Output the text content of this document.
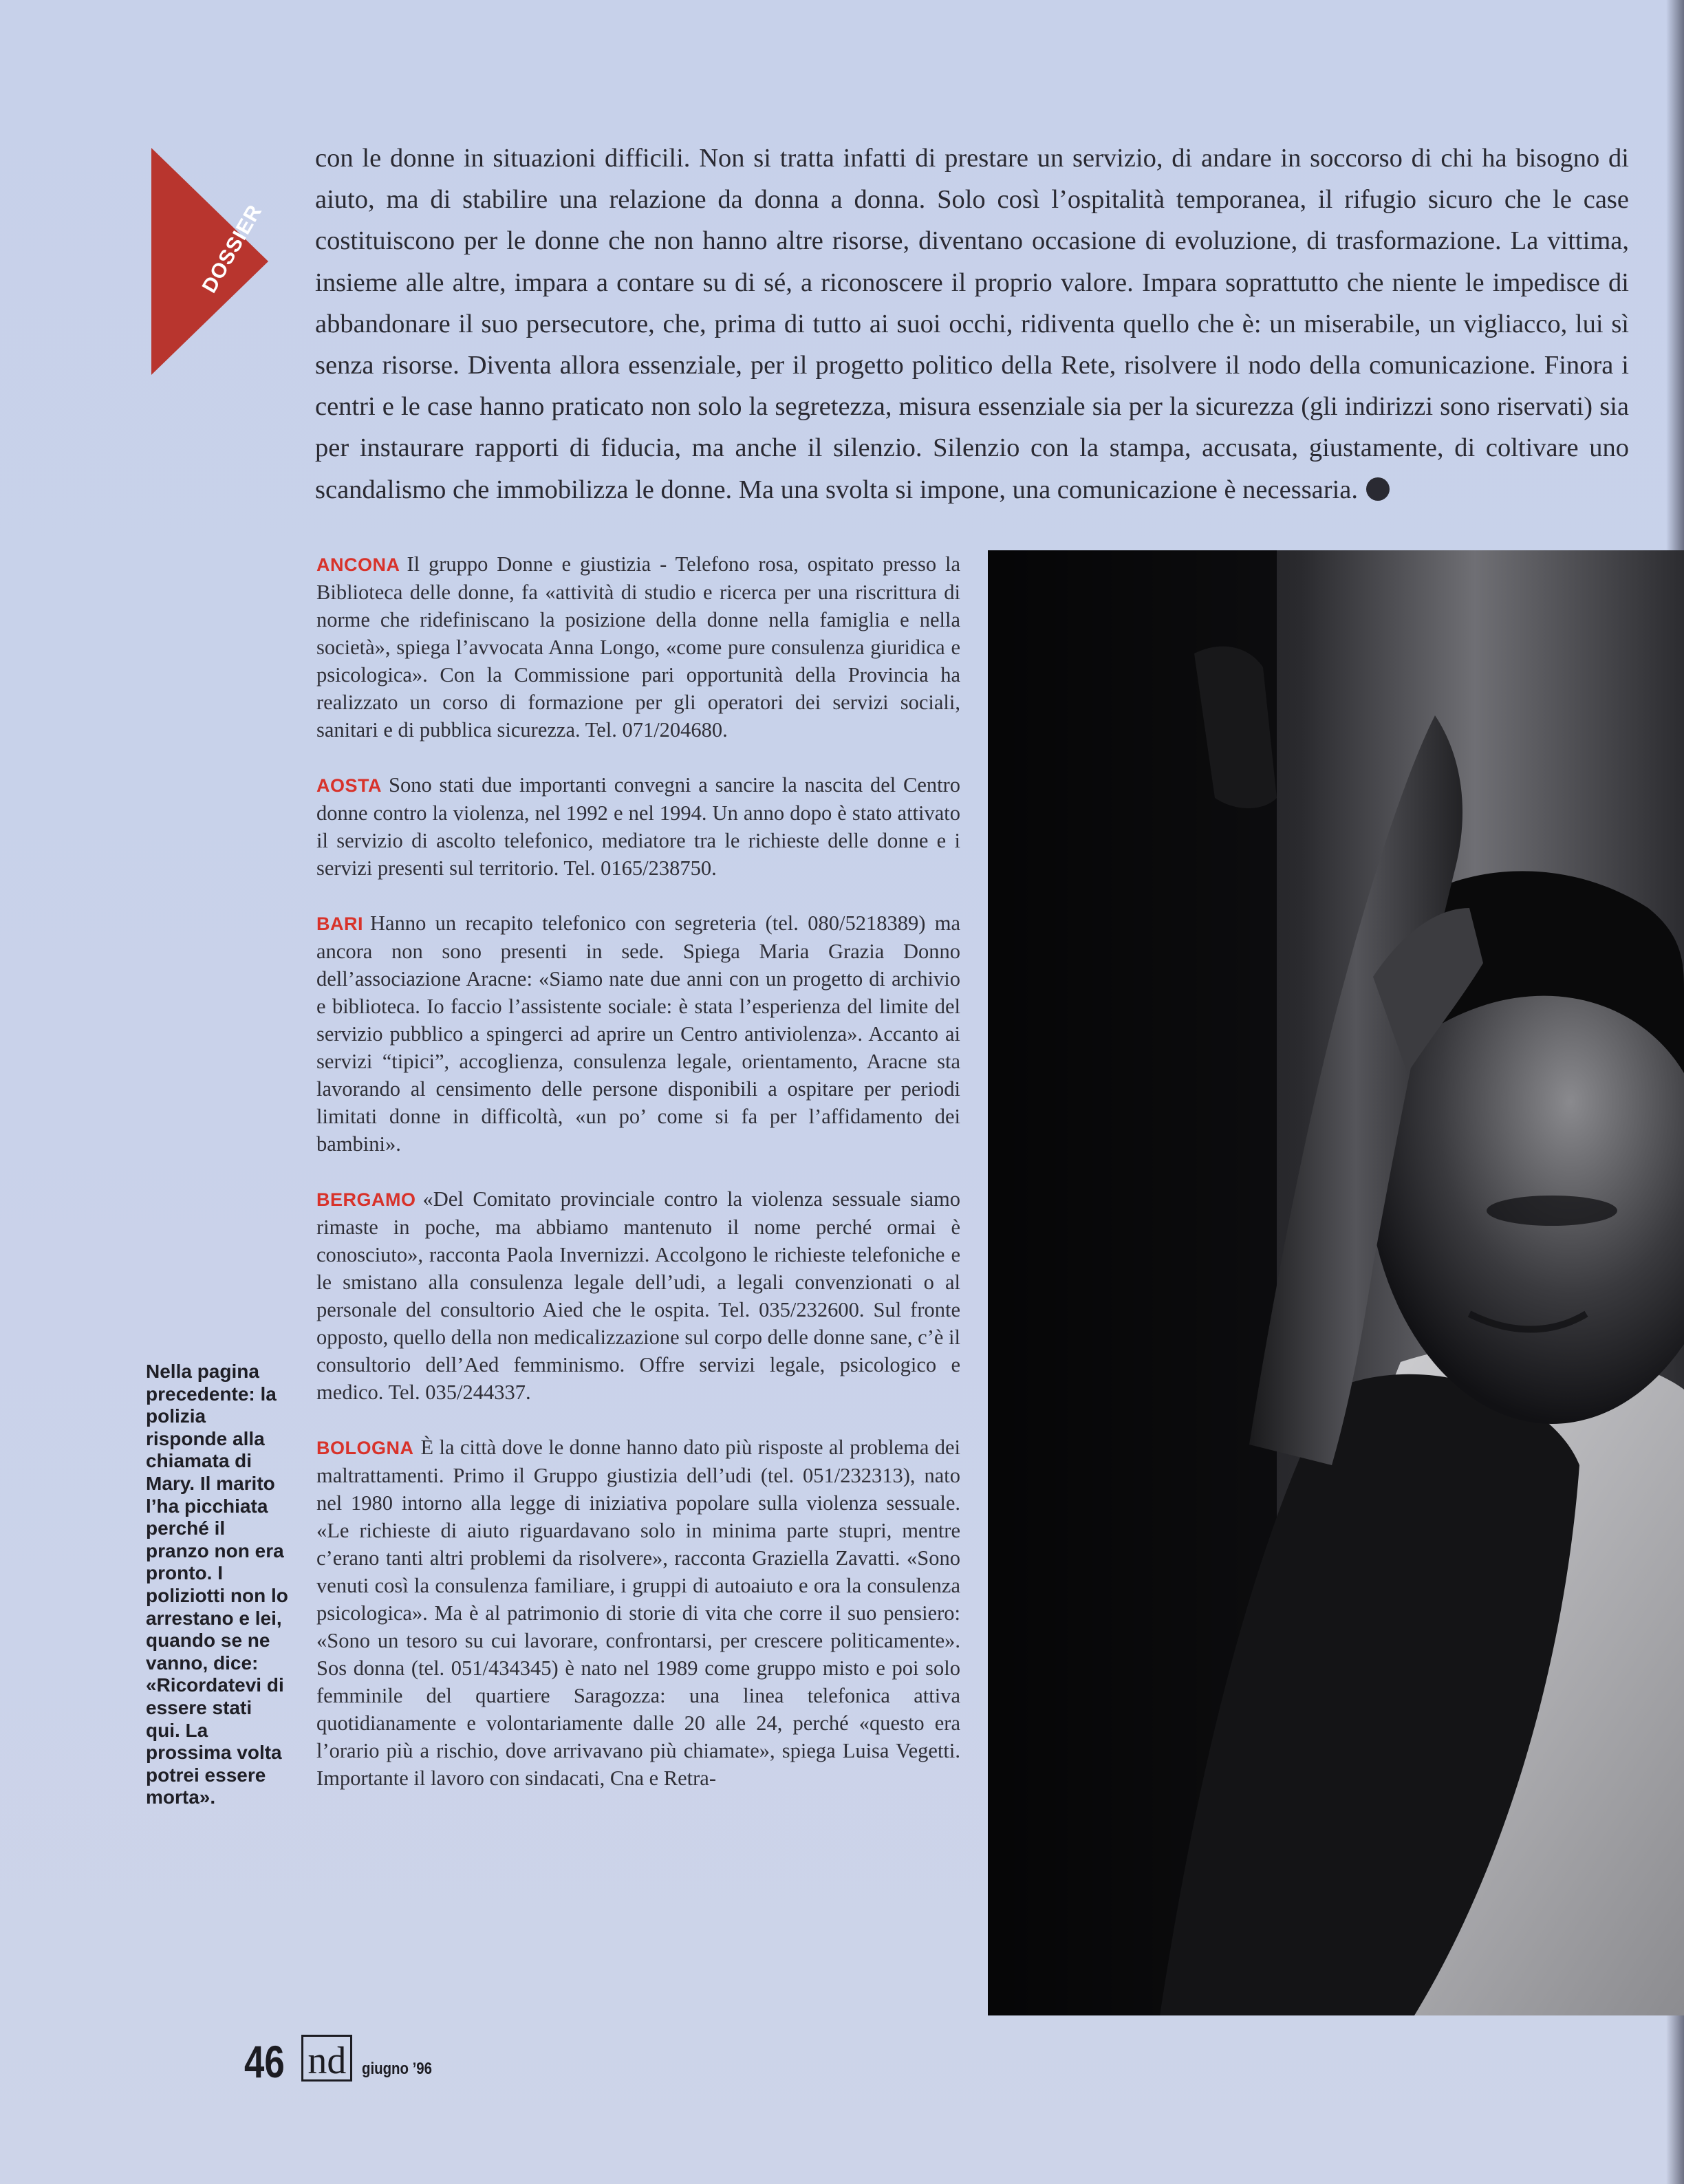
DOSSIER

con le donne in situazioni difficili. Non si tratta infatti di prestare un servizio, di andare in soccorso di chi ha bisogno di aiuto, ma di stabilire una relazione da donna a donna. Solo così l’ospitalità temporanea, il rifugio sicuro che le case costituiscono per le donne che non hanno altre risorse, diventano occasione di evoluzione, di trasformazione. La vittima, insieme alle altre, impara a contare su di sé, a riconoscere il proprio valore. Impara soprattutto che niente le impedisce di abbandonare il suo persecutore, che, prima di tutto ai suoi occhi, ridiventa quello che è: un miserabile, un vigliacco, lui sì senza risorse. Diventa allora essenziale, per il progetto politico della Rete, risolvere il nodo della comunicazione. Finora i centri e le case hanno praticato non solo la segretezza, misura essenziale sia per la sicurezza (gli indirizzi sono riservati) sia per instaurare rapporti di fiducia, ma anche il silenzio. Silenzio con la stampa, accusata, giustamente, di coltivare uno scandalismo che immobilizza le donne. Ma una svolta si impone, una comunicazione è necessaria.

ANCONA Il gruppo Donne e giustizia - Telefono rosa, ospitato presso la Biblioteca delle donne, fa «attività di studio e ricerca per una riscrittura di norme che ridefiniscano la posizione della donne nella famiglia e nella società», spiega l’avvocata Anna Longo, «come pure consulenza giuridica e psicologica». Con la Commissione pari opportunità della Provincia ha realizzato un corso di formazione per gli operatori dei servizi sociali, sanitari e di pubblica sicurezza. Tel. 071/204680.

AOSTA Sono stati due importanti convegni a sancire la nascita del Centro donne contro la violenza, nel 1992 e nel 1994. Un anno dopo è stato attivato il servizio di ascolto telefonico, mediatore tra le richieste delle donne e i servizi presenti sul territorio. Tel. 0165/238750.

BARI Hanno un recapito telefonico con segreteria (tel. 080/5218389) ma ancora non sono presenti in sede. Spiega Maria Grazia Donno dell’associazione Aracne: «Siamo nate due anni con un progetto di archivio e biblioteca. Io faccio l’assistente sociale: è stata l’esperienza del limite del servizio pubblico a spingerci ad aprire un Centro antiviolenza». Accanto ai servizi “tipici”, accoglienza, consulenza legale, orientamento, Aracne sta lavorando al censimento delle persone disponibili a ospitare per periodi limitati donne in difficoltà, «un po’ come si fa per l’affidamento dei bambini».

BERGAMO «Del Comitato provinciale contro la violenza sessuale siamo rimaste in poche, ma abbiamo mantenuto il nome perché ormai è conosciuto», racconta Paola Invernizzi. Accolgono le richieste telefoniche e le smistano alla consulenza legale dell’udi, a legali convenzionati o al personale del consultorio Aied che le ospita. Tel. 035/232600. Sul fronte opposto, quello della non medicalizzazione sul corpo delle donne sane, c’è il consultorio dell’Aed femminismo. Offre servizi legale, psicologico e medico. Tel. 035/244337.

BOLOGNA È la città dove le donne hanno dato più risposte al problema dei maltrattamenti. Primo il Gruppo giustizia dell’udi (tel. 051/232313), nato nel 1980 intorno alla legge di iniziativa popolare sulla violenza sessuale. «Le richieste di aiuto riguardavano solo in minima parte stupri, mentre c’erano tanti altri problemi da risolvere», racconta Graziella Zavatti. «Sono venuti così la consulenza familiare, i gruppi di autoaiuto e ora la consulenza psicologica». Ma è al patrimonio di storie di vita che corre il suo pensiero: «Sono un tesoro su cui lavorare, confrontarsi, per crescere politicamente». Sos donna (tel. 051/434345) è nato nel 1989 come gruppo misto e poi solo femminile del quartiere Saragozza: una linea telefonica attiva quotidianamente e volontariamente dalle 20 alle 24, perché «questo era l’orario più a rischio, dove arrivavano più chiamate», spiega Luisa Vegetti. Importante il lavoro con sindacati, Cna e Retra-

Nella pagina precedente: la polizia risponde alla chiamata di Mary. Il marito l’ha picchiata perché il pranzo non era pronto. I poliziotti non lo arrestano e lei, quando se ne vanno, dice: «Ricordatevi di essere stati qui. La prossima volta potrei essere morta».

46 nd giugno ’96
